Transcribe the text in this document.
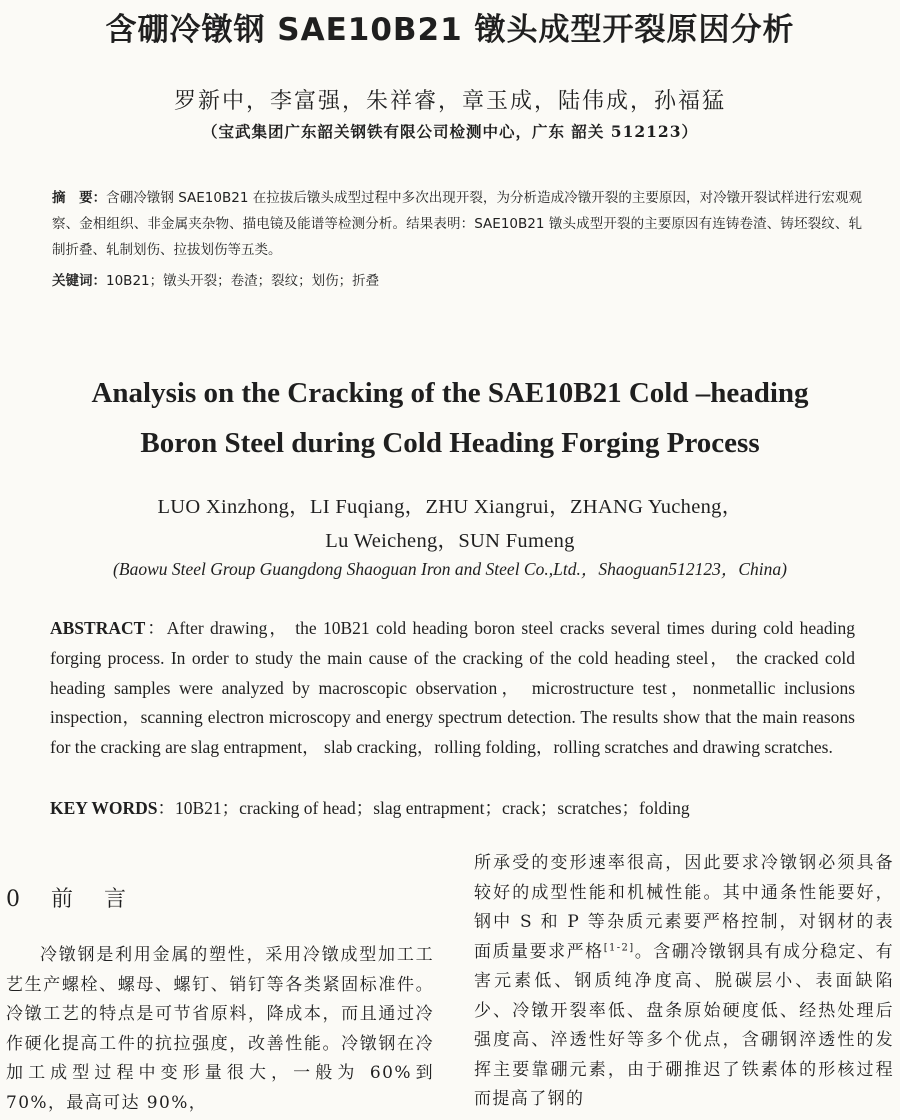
含硼冷镦钢 SAE10B21 镦头成型开裂原因分析
罗新中，李富强，朱祥睿，章玉成，陆伟成，孙福猛
（宝武集团广东韶关钢铁有限公司检测中心，广东 韶关 512123）
摘　要：含硼冷镦钢 SAE10B21 在拉拔后镦头成型过程中多次出现开裂，为分析造成冷镦开裂的主要原因，对冷镦开裂试样进行宏观观察、金相组织、非金属夹杂物、描电镜及能谱等检测分析。结果表明：SAE10B21 镦头成型开裂的主要原因有连铸卷渣、铸坯裂纹、轧制折叠、轧制划伤、拉拔划伤等五类。
关键词：10B21；镦头开裂；卷渣；裂纹；划伤；折叠
Analysis on the Cracking of the SAE10B21 Cold –heading
Boron Steel during Cold Heading Forging Process
LUO Xinzhong，LI Fuqiang，ZHU Xiangrui，ZHANG Yucheng，
Lu Weicheng，SUN Fumeng
(Baowu Steel Group Guangdong Shaoguan Iron and Steel Co.,Ltd.，Shaoguan512123，China)
ABSTRACT：After drawing， the 10B21 cold heading boron steel cracks several times during cold heading forging process. In order to study the main cause of the cracking of the cold heading steel， the cracked cold heading samples were analyzed by macroscopic observation， microstructure test，nonmetallic inclusions inspection，scanning electron microscopy and energy spectrum detection. The results show that the main reasons for the cracking are slag entrapment， slab cracking，rolling folding，rolling scratches and drawing scratches.
KEY WORDS：10B21；cracking of head；slag entrapment；crack；scratches；folding
0 前 言
冷镦钢是利用金属的塑性，采用冷镦成型加工工艺生产螺栓、螺母、螺钉、销钉等各类紧固标准件。冷镦工艺的特点是可节省原料，降成本，而且通过冷作硬化提高工件的抗拉强度，改善性能。冷镦钢在冷加工成型过程中变形量很大，一般为 60%到 70%，最高可达 90%，
所承受的变形速率很高，因此要求冷镦钢必须具备较好的成型性能和机械性能。其中通条性能要好，钢中 S 和 P 等杂质元素要严格控制，对钢材的表面质量要求严格[1-2]。含硼冷镦钢具有成分稳定、有害元素低、钢质纯净度高、脱碳层小、表面缺陷少、冷镦开裂率低、盘条原始硬度低、经热处理后强度高、淬透性好等多个优点，含硼钢淬透性的发挥主要靠硼元素，由于硼推迟了铁素体的形核过程而提高了钢的
